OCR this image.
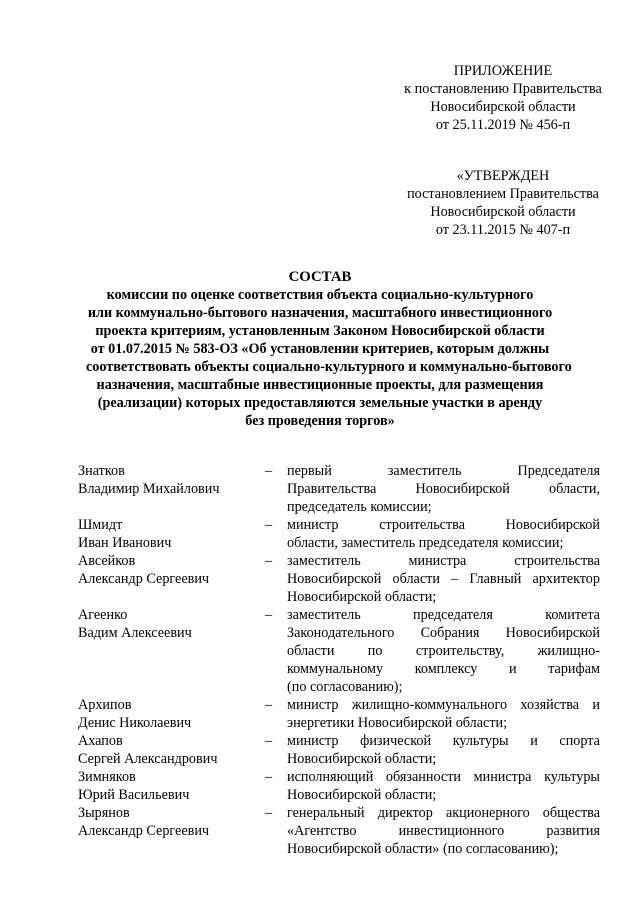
ПРИЛОЖЕНИЕ
к постановлению Правительства
Новосибирской области
от 25.11.2019 № 456-п
«УТВЕРЖДЕН
постановлением Правительства
Новосибирской области
от 23.11.2015 № 407-п
СОСТАВ
комиссии по оценке соответствия объекта социально-культурного
или коммунально-бытового назначения, масштабного инвестиционного
проекта критериям, установленным Законом Новосибирской области
от 01.07.2015 № 583-ОЗ «Об установлении критериев, которым должны
соответствовать объекты социально-культурного и коммунально-бытового
назначения, масштабные инвестиционные проекты, для размещения
(реализации) которых предоставляются земельные участки в аренду
без проведения торгов»
Знатков
Владимир Михайлович
–	первый	заместитель	Председателя
Правительства	Новосибирской	области,
председатель комиссии;
Шмидт
Иван Иванович
–	министр	строительства	Новосибирской
области, заместитель председателя комиссии;
Авсейков
Александр Сергеевич
–	заместитель	министра	строительства
Новосибирской области – Главный архитектор
Новосибирской области;
Агеенко
Вадим Алексеевич
–	заместитель	председателя	комитета
Законодательного Собрания Новосибирской
области по строительству, жилищно-
коммунальному комплексу и тарифам
(по согласованию);
Архипов
Денис Николаевич
–	министр жилищно-коммунального хозяйства и
энергетики Новосибирской области;
Ахапов
Сергей Александрович
–	министр физической культуры и спорта
Новосибирской области;
Зимняков
Юрий Васильевич
–	исполняющий обязанности министра культуры
Новосибирской области;
Зырянов
Александр Сергеевич
–	генеральный директор акционерного общества
«Агентство	инвестиционного	развития
Новосибирской области» (по согласованию);
